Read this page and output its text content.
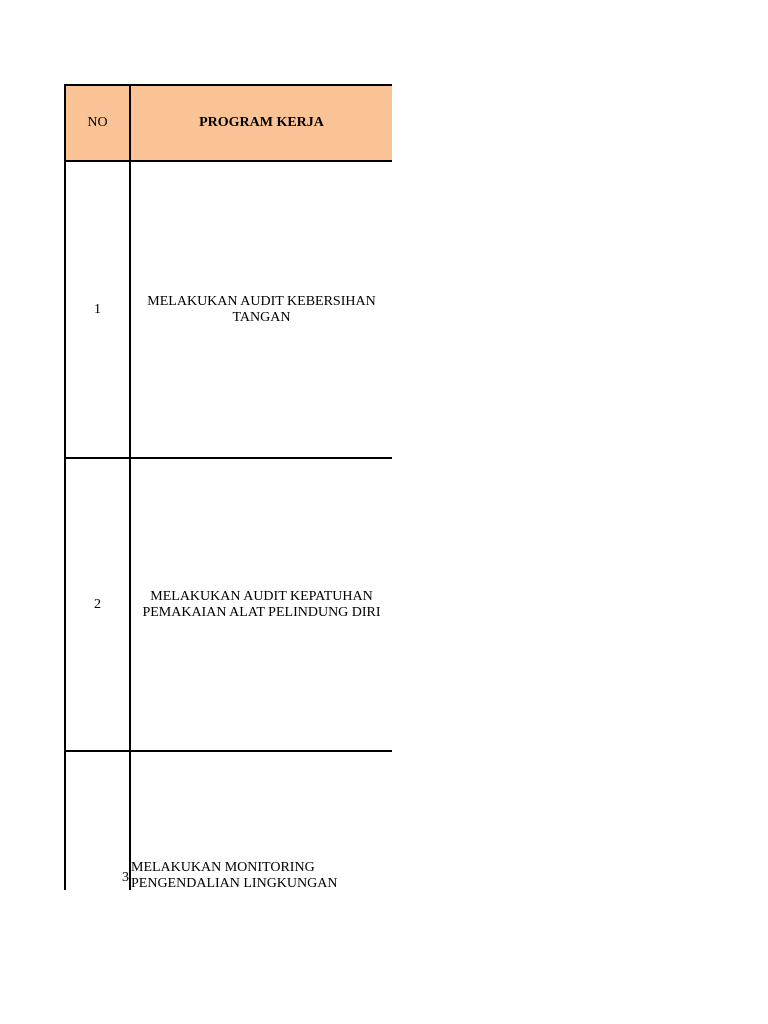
NO	PROGRAM KERJA
1	MELAKUKAN AUDIT KEBERSIHAN TANGAN

2	MELAKUKAN AUDIT KEPATUHAN PEMAKAIAN ALAT PELINDUNG DIRI

3	MELAKUKAN MONITORING PENGENDALIAN LINGKUNGAN
